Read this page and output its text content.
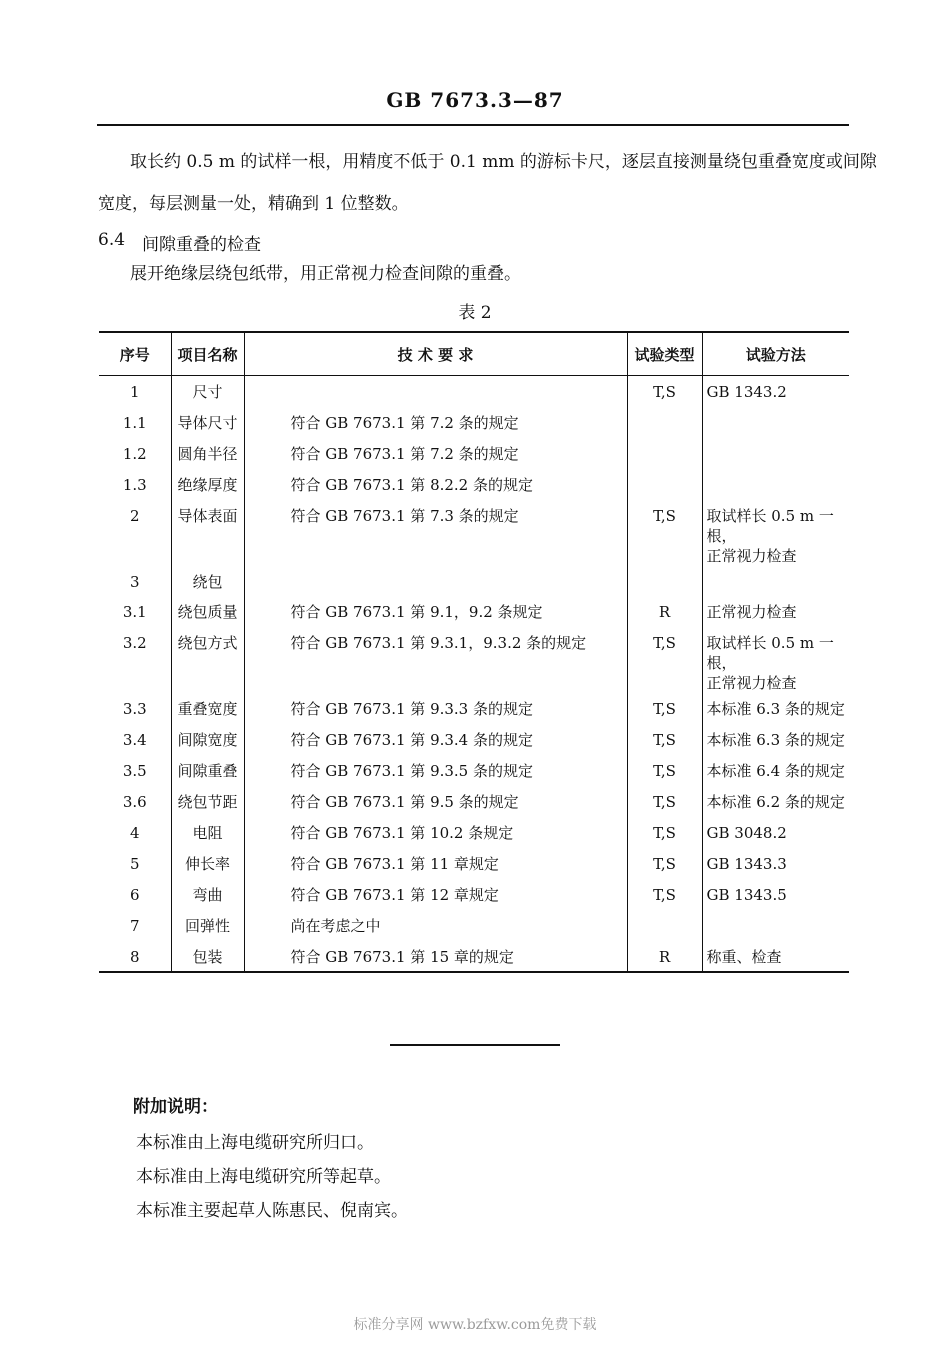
GB 7673.3—87
取长约 0.5 m 的试样一根，用精度不低于 0.1 mm 的游标卡尺，逐层直接测量绕包重叠宽度或间隙
宽度，每层测量一处，精确到 1 位整数。
6.4 间隙重叠的检查
展开绝缘层绕包纸带，用正常视力检查间隙的重叠。
表 2
序号	项目名称	技 术 要 求	试验类型	试验方法
1	尺寸		T,S	GB 1343.2

1.1	导体尺寸	符合 GB 7673.1 第 7.2 条的规定		

1.2	圆角半径	符合 GB 7673.1 第 7.2 条的规定		

1.3	绝缘厚度	符合 GB 7673.1 第 8.2.2 条的规定		

2	导体表面	符合 GB 7673.1 第 7.3 条的规定	T,S	取试样长 0.5 m 一根，
正常视力检查

3	绕包			

3.1	绕包质量	符合 GB 7673.1 第 9.1，9.2 条规定	R	正常视力检查

3.2	绕包方式	符合 GB 7673.1 第 9.3.1，9.3.2 条的规定	T,S	取试样长 0.5 m 一根，
正常视力检查

3.3	重叠宽度	符合 GB 7673.1 第 9.3.3 条的规定	T,S	本标准 6.3 条的规定

3.4	间隙宽度	符合 GB 7673.1 第 9.3.4 条的规定	T,S	本标准 6.3 条的规定

3.5	间隙重叠	符合 GB 7673.1 第 9.3.5 条的规定	T,S	本标准 6.4 条的规定

3.6	绕包节距	符合 GB 7673.1 第 9.5 条的规定	T,S	本标准 6.2 条的规定

4	电阻	符合 GB 7673.1 第 10.2 条规定	T,S	GB 3048.2

5	伸长率	符合 GB 7673.1 第 11 章规定	T,S	GB 1343.3

6	弯曲	符合 GB 7673.1 第 12 章规定	T,S	GB 1343.5

7	回弹性	尚在考虑之中		

8	包装	符合 GB 7673.1 第 15 章的规定	R	称重、检查
附加说明：
本标准由上海电缆研究所归口。
本标准由上海电缆研究所等起草。
本标准主要起草人陈惠民、倪南宾。
标准分享网 www.bzfxw.com免费下载
